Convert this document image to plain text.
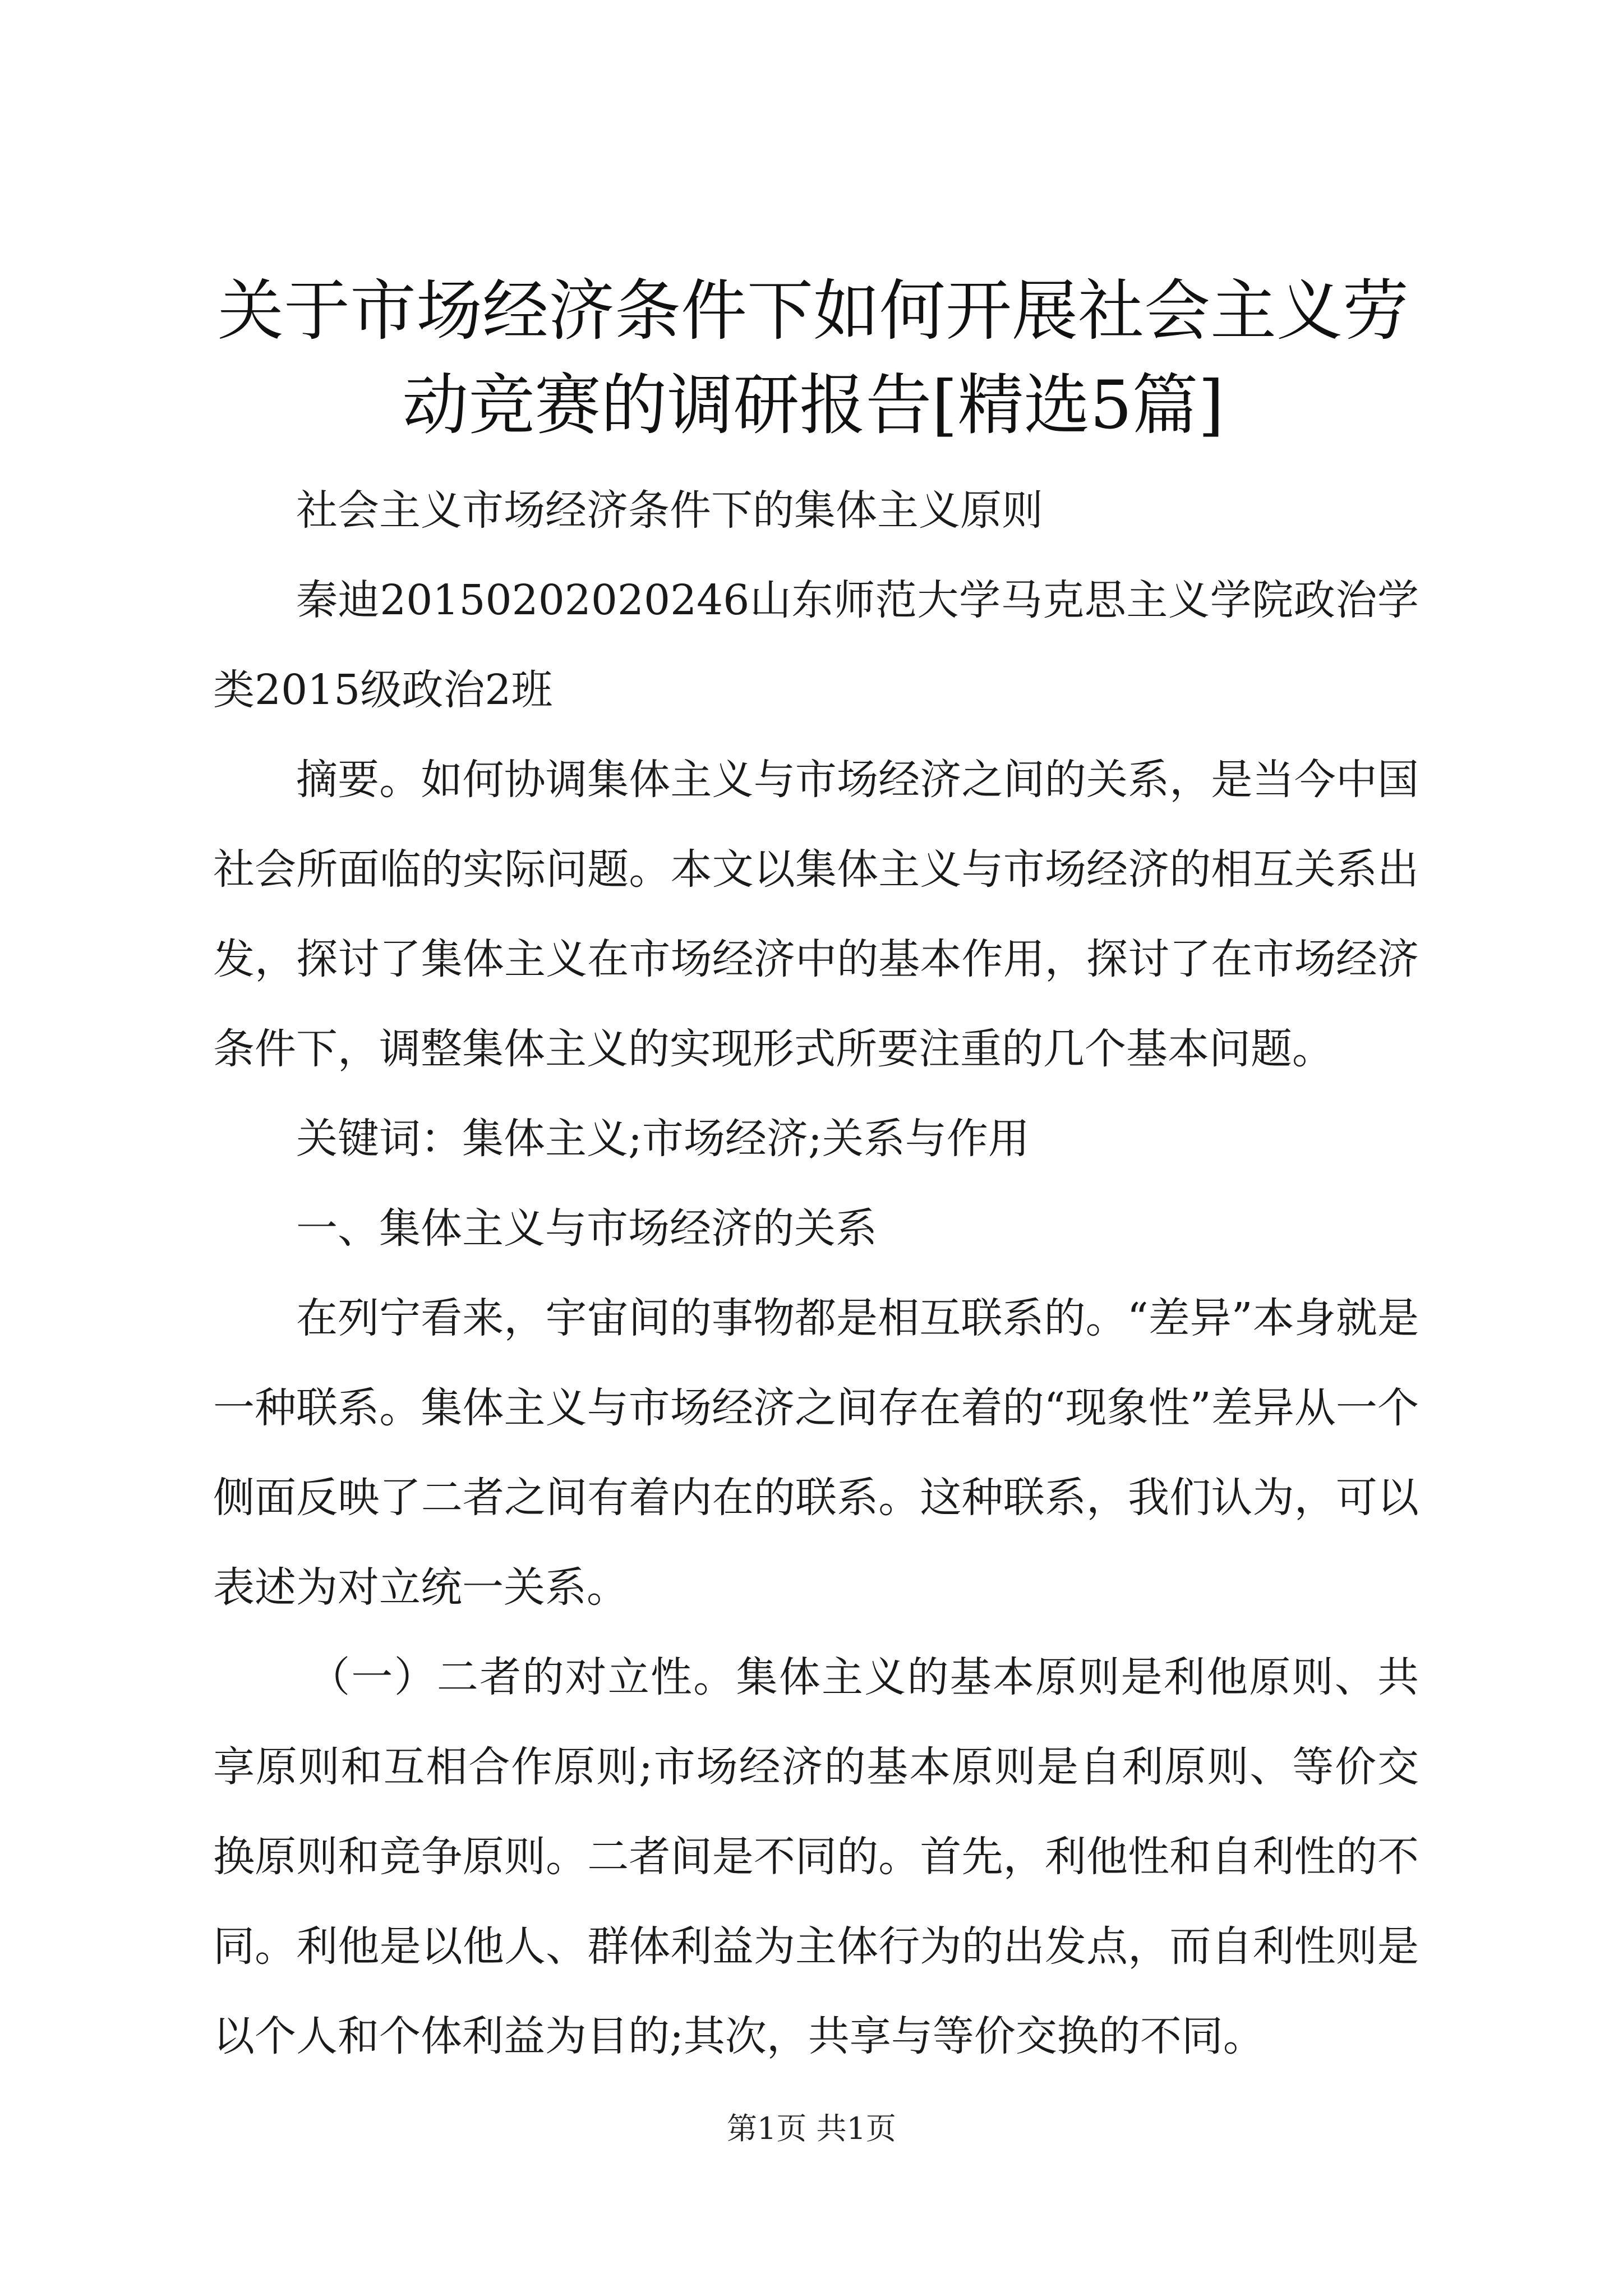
关于市场经济条件下如何开展社会主义劳动竞赛的调研报告[精选5篇]

社会主义市场经济条件下的集体主义原则

秦迪20150202020246山东师范大学马克思主义学院政治学类2015级政治2班

摘要。如何协调集体主义与市场经济之间的关系，是当今中国社会所面临的实际问题。本文以集体主义与市场经济的相互关系出发，探讨了集体主义在市场经济中的基本作用，探讨了在市场经济条件下，调整集体主义的实现形式所要注重的几个基本问题。

关键词：集体主义;市场经济;关系与作用

一、集体主义与市场经济的关系

在列宁看来，宇宙间的事物都是相互联系的。“差异”本身就是一种联系。集体主义与市场经济之间存在着的“现象性”差异从一个侧面反映了二者之间有着内在的联系。这种联系，我们认为，可以表述为对立统一关系。

（一）二者的对立性。集体主义的基本原则是利他原则、共享原则和互相合作原则;市场经济的基本原则是自利原则、等价交换原则和竞争原则。二者间是不同的。首先，利他性和自利性的不同。利他是以他人、群体利益为主体行为的出发点，而自利性则是以个人和个体利益为目的;其次，共享与等价交换的不同。

第1页 共1页
